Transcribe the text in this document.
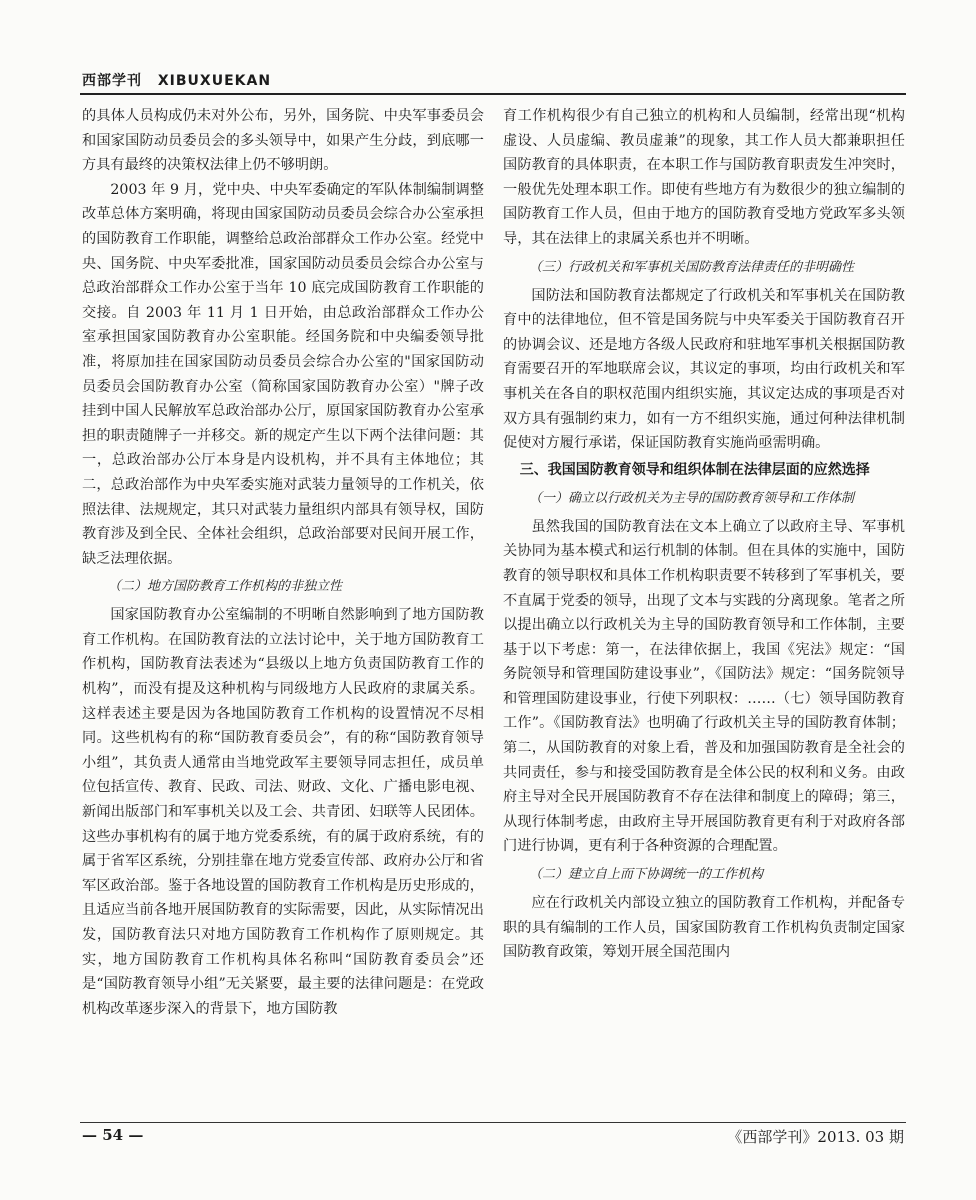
西部学刊 XIBUXUEKAN

的具体人员构成仍未对外公布，另外，国务院、中央军事委员会和国家国防动员委员会的多头领导中，如果产生分歧，到底哪一方具有最终的决策权法律上仍不够明朗。

2003 年 9 月，党中央、中央军委确定的军队体制编制调整改革总体方案明确，将现由国家国防动员委员会综合办公室承担的国防教育工作职能，调整给总政治部群众工作办公室。经党中央、国务院、中央军委批准，国家国防动员委员会综合办公室与总政治部群众工作办公室于当年 10 底完成国防教育工作职能的交接。自 2003 年 11 月 1 日开始，由总政治部群众工作办公室承担国家国防教育办公室职能。经国务院和中央编委领导批准，将原加挂在国家国防动员委员会综合办公室的"国家国防动员委员会国防教育办公室（简称国家国防教育办公室）"牌子改挂到中国人民解放军总政治部办公厅，原国家国防教育办公室承担的职责随牌子一并移交。新的规定产生以下两个法律问题：其一，总政治部办公厅本身是内设机构，并不具有主体地位；其二，总政治部作为中央军委实施对武装力量领导的工作机关，依照法律、法规规定，其只对武装力量组织内部具有领导权，国防教育涉及到全民、全体社会组织，总政治部要对民间开展工作，缺乏法理依据。

（二）地方国防教育工作机构的非独立性

国家国防教育办公室编制的不明晰自然影响到了地方国防教育工作机构。在国防教育法的立法讨论中，关于地方国防教育工作机构，国防教育法表述为“县级以上地方负责国防教育工作的机构”，而没有提及这种机构与同级地方人民政府的隶属关系。这样表述主要是因为各地国防教育工作机构的设置情况不尽相同。这些机构有的称“国防教育委员会”，有的称“国防教育领导小组”，其负责人通常由当地党政军主要领导同志担任，成员单位包括宣传、教育、民政、司法、财政、文化、广播电影电视、新闻出版部门和军事机关以及工会、共青团、妇联等人民团体。这些办事机构有的属于地方党委系统，有的属于政府系统，有的属于省军区系统，分别挂靠在地方党委宣传部、政府办公厅和省军区政治部。鉴于各地设置的国防教育工作机构是历史形成的，且适应当前各地开展国防教育的实际需要，因此，从实际情况出发，国防教育法只对地方国防教育工作机构作了原则规定。其实，地方国防教育工作机构具体名称叫“国防教育委员会”还是“国防教育领导小组”无关紧要，最主要的法律问题是：在党政机构改革逐步深入的背景下，地方国防教

育工作机构很少有自己独立的机构和人员编制，经常出现“机构虚设、人员虚编、教员虚兼”的现象，其工作人员大都兼职担任国防教育的具体职责，在本职工作与国防教育职责发生冲突时，一般优先处理本职工作。即使有些地方有为数很少的独立编制的国防教育工作人员，但由于地方的国防教育受地方党政军多头领导，其在法律上的隶属关系也并不明晰。

（三）行政机关和军事机关国防教育法律责任的非明确性

国防法和国防教育法都规定了行政机关和军事机关在国防教育中的法律地位，但不管是国务院与中央军委关于国防教育召开的协调会议、还是地方各级人民政府和驻地军事机关根据国防教育需要召开的军地联席会议，其议定的事项，均由行政机关和军事机关在各自的职权范围内组织实施，其议定达成的事项是否对双方具有强制约束力，如有一方不组织实施，通过何种法律机制促使对方履行承诺，保证国防教育实施尚亟需明确。

三、我国国防教育领导和组织体制在法律层面的应然选择
（一）确立以行政机关为主导的国防教育领导和工作体制

虽然我国的国防教育法在文本上确立了以政府主导、军事机关协同为基本模式和运行机制的体制。但在具体的实施中，国防教育的领导职权和具体工作机构职责要不转移到了军事机关，要不直属于党委的领导，出现了文本与实践的分离现象。笔者之所以提出确立以行政机关为主导的国防教育领导和工作体制，主要基于以下考虑：第一，在法律依据上，我国《宪法》规定：“国务院领导和管理国防建设事业”，《国防法》规定：“国务院领导和管理国防建设事业，行使下列职权：……（七）领导国防教育工作”。《国防教育法》也明确了行政机关主导的国防教育体制；第二，从国防教育的对象上看，普及和加强国防教育是全社会的共同责任，参与和接受国防教育是全体公民的权利和义务。由政府主导对全民开展国防教育不存在法律和制度上的障碍；第三，从现行体制考虑，由政府主导开展国防教育更有利于对政府各部门进行协调，更有利于各种资源的合理配置。

（二）建立自上而下协调统一的工作机构

应在行政机关内部设立独立的国防教育工作机构，并配备专职的具有编制的工作人员，国家国防教育工作机构负责制定国家国防教育政策，筹划开展全国范围内

— 54 —	《西部学刊》2013. 03 期
